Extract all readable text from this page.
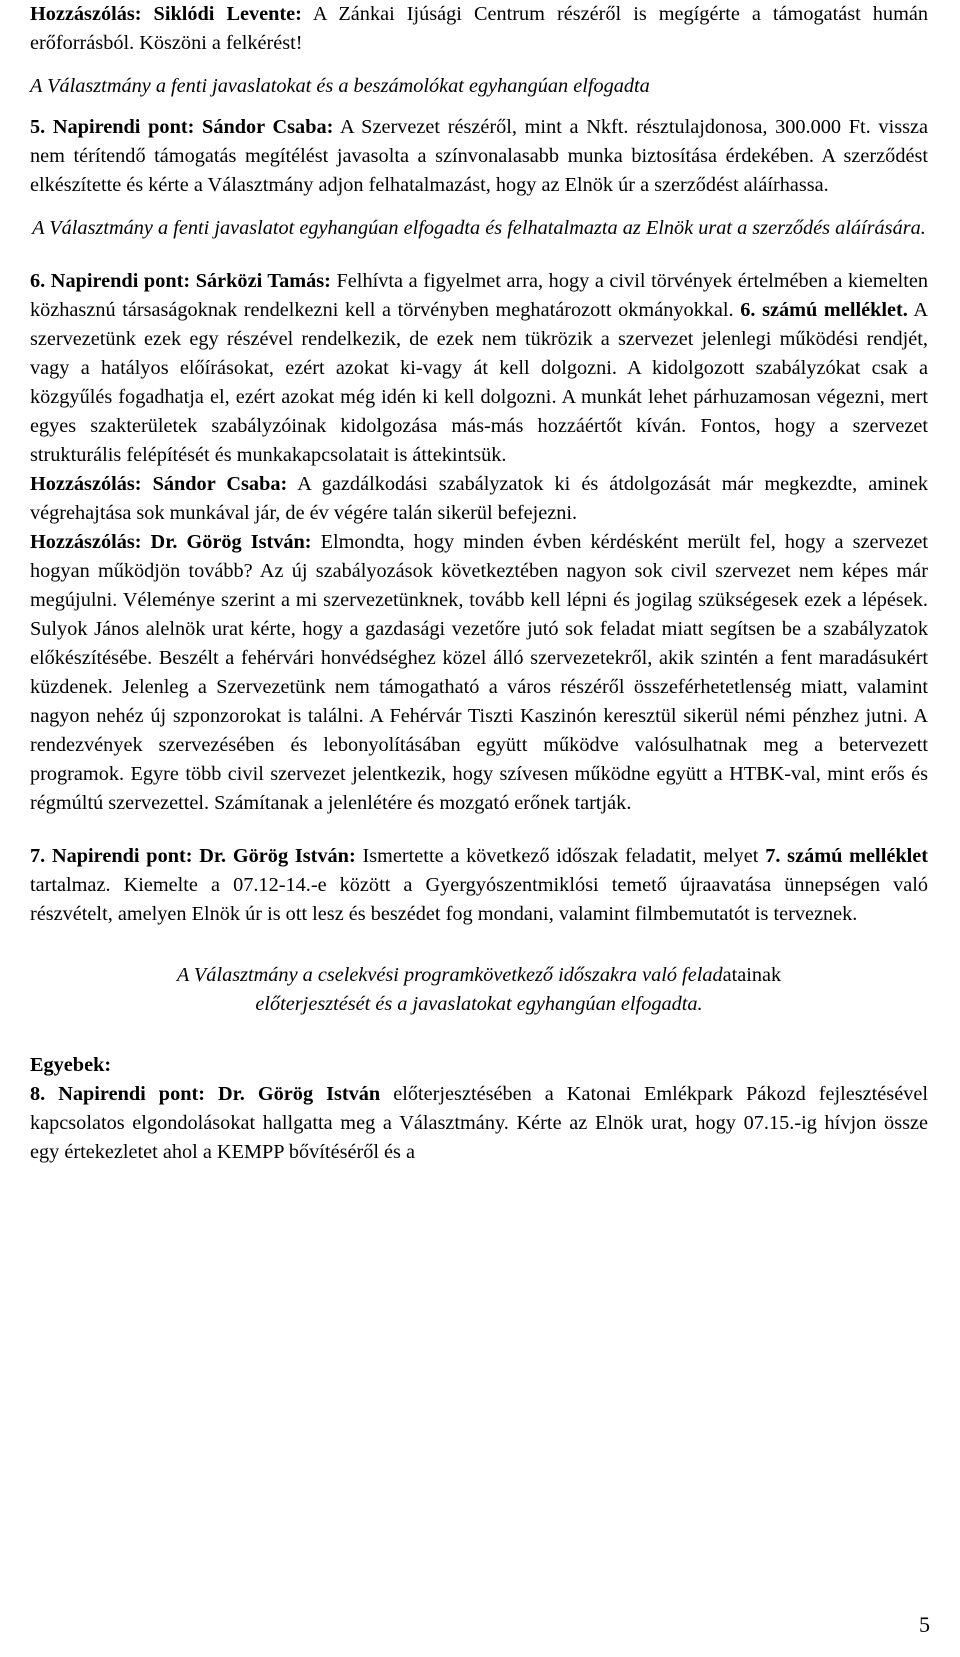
Hozzászólás: Siklódi Levente: A Zánkai Ijúsági Centrum részéről is megígérte a támogatást humán erőforrásból. Köszöni a felkérést!

A Választmány a fenti javaslatokat és a beszámolókat egyhangúan elfogadta

5. Napirendi pont: Sándor Csaba: A Szervezet részéről, mint a Nkft. résztulajdonosa, 300.000 Ft. vissza nem térítendő támogatás megítélést javasolta a színvonalasabb munka biztosítása érdekében. A szerződést elkészítette és kérte a Választmány adjon felhatalmazást, hogy az Elnök úr a szerződést aláírhassa.

A Választmány a fenti javaslatot egyhangúan elfogadta és felhatalmazta az Elnök urat a szerződés aláírására.

6. Napirendi pont: Sárközi Tamás: Felhívta a figyelmet arra, hogy a civil törvények értelmében a kiemelten közhasznú társaságoknak rendelkezni kell a törvényben meghatározott okmányokkal. 6. számú melléklet. A szervezetünk ezek egy részével rendelkezik, de ezek nem tükrözik a szervezet jelenlegi működési rendjét, vagy a hatályos előírásokat, ezért azokat ki-vagy át kell dolgozni. A kidolgozott szabályzókat csak a közgyűlés fogadhatja el, ezért azokat még idén ki kell dolgozni. A munkát lehet párhuzamosan végezni, mert egyes szakterületek szabályzóinak kidolgozása más-más hozzáértőt kíván. Fontos, hogy a szervezet strukturális felépítését és munkakapcsolatait is áttekintsük.

Hozzászólás: Sándor Csaba: A gazdálkodási szabályzatok ki és átdolgozását már megkezdte, aminek végrehajtása sok munkával jár, de év végére talán sikerül befejezni.

Hozzászólás: Dr. Görög István: Elmondta, hogy minden évben kérdésként merült fel, hogy a szervezet hogyan működjön tovább? Az új szabályozások következtében nagyon sok civil szervezet nem képes már megújulni. Véleménye szerint a mi szervezetünknek, tovább kell lépni és jogilag szükségesek ezek a lépések. Sulyok János alelnök urat kérte, hogy a gazdasági vezetőre jutó sok feladat miatt segítsen be a szabályzatok előkészítésébe. Beszélt a fehérvári honvédséghez közel álló szervezetekről, akik szintén a fent maradásukért küzdenek. Jelenleg a Szervezetünk nem támogatható a város részéről összeférhetetlenség miatt, valamint nagyon nehéz új szponzorokat is találni. A Fehérvár Tiszti Kaszinón keresztül sikerül némi pénzhez jutni. A rendezvények szervezésében és lebonyolításában együtt működve valósulhatnak meg a betervezett programok. Egyre több civil szervezet jelentkezik, hogy szívesen működne együtt a HTBK-val, mint erős és régmúltú szervezettel. Számítanak a jelenlétére és mozgató erőnek tartják.

7. Napirendi pont: Dr. Görög István: Ismertette a következő időszak feladatit, melyet 7. számú melléklet tartalmaz. Kiemelte a 07.12-14.-e között a Gyergyószentmiklósi temető újraavatása ünnepségen való részvételt, amelyen Elnök úr is ott lesz és beszédet fog mondani, valamint filmbemutatót is terveznek.

A Választmány a cselekvési programkövetkező időszakra való feladatainak

előterjesztését és a javaslatokat egyhangúan elfogadta.

Egyebek:

8. Napirendi pont: Dr. Görög István előterjesztésében a Katonai Emlékpark Pákozd fejlesztésével kapcsolatos elgondolásokat hallgatta meg a Választmány. Kérte az Elnök urat, hogy 07.15.-ig hívjon össze egy értekezletet ahol a KEMPP bővítéséről és a

5
